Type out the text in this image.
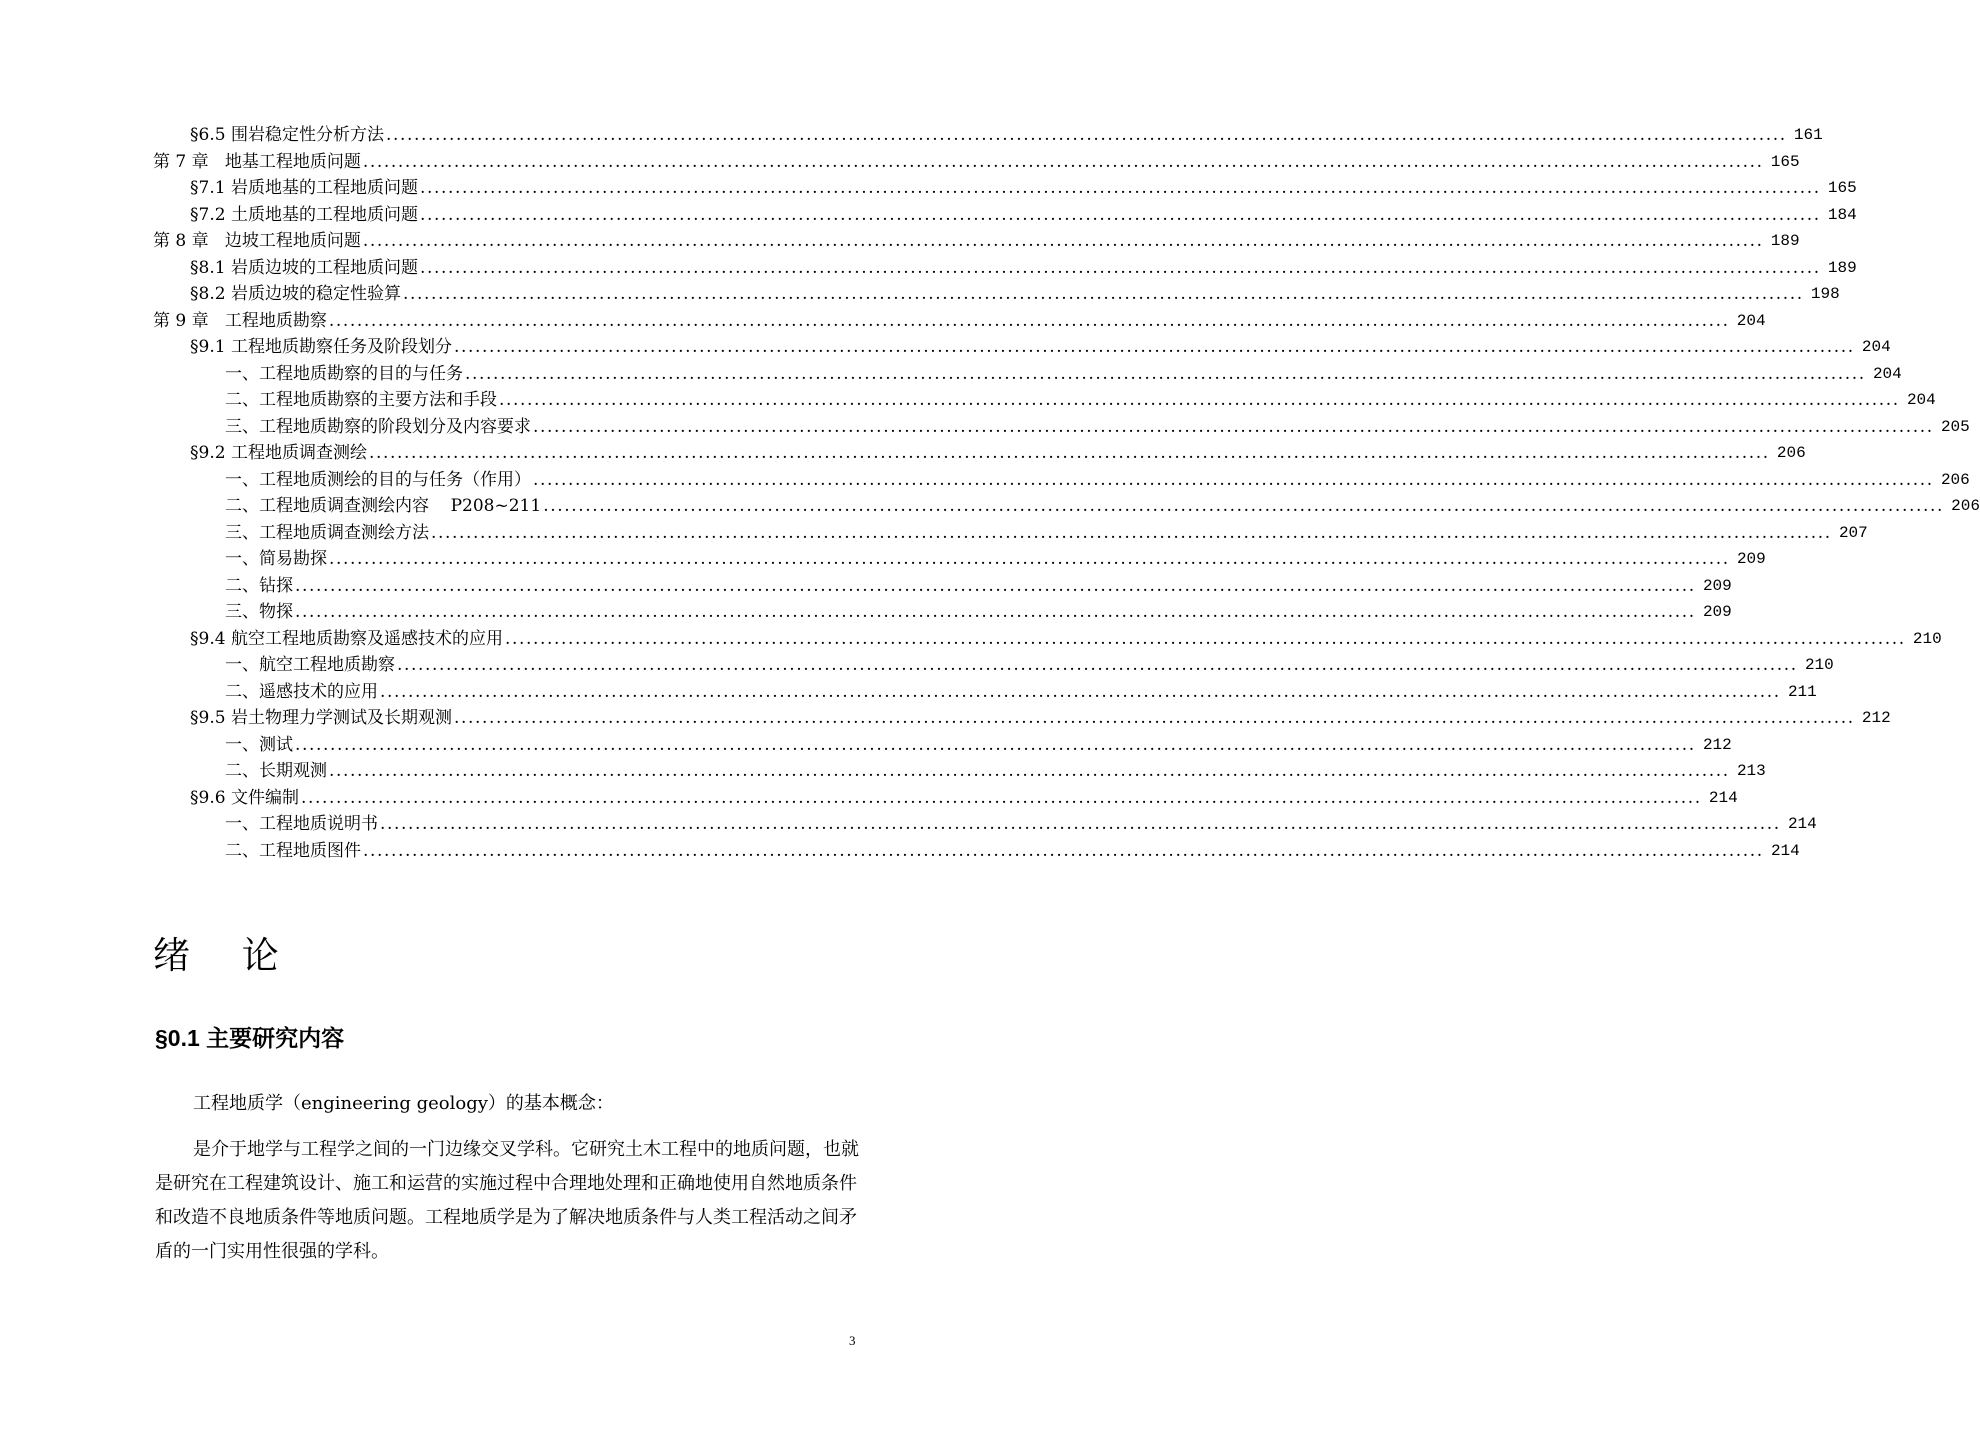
§6.5 围岩稳定性分析方法 ........................................................................................................................................................................................................ 161
第 7 章   地基工程地质问题 ........................................................................................................................................................................................................ 165
§7.1 岩质地基的工程地质问题 ........................................................................................................................................................................................................ 165
§7.2 土质地基的工程地质问题 ........................................................................................................................................................................................................ 184
第 8 章   边坡工程地质问题 ........................................................................................................................................................................................................ 189
§8.1 岩质边坡的工程地质问题 ........................................................................................................................................................................................................ 189
§8.2 岩质边坡的稳定性验算 ........................................................................................................................................................................................................ 198
第 9 章   工程地质勘察 ........................................................................................................................................................................................................ 204
§9.1 工程地质勘察任务及阶段划分 ........................................................................................................................................................................................................ 204
一、工程地质勘察的目的与任务 ........................................................................................................................................................................................................ 204
二、工程地质勘察的主要方法和手段 ........................................................................................................................................................................................................ 204
三、工程地质勘察的阶段划分及内容要求 ........................................................................................................................................................................................................ 205
§9.2 工程地质调查测绘 ........................................................................................................................................................................................................ 206
一、工程地质测绘的目的与任务（作用） ........................................................................................................................................................................................................ 206
二、工程地质调查测绘内容    P208~211 ........................................................................................................................................................................................................ 206
三、工程地质调查测绘方法 ........................................................................................................................................................................................................ 207
一、简易勘探 ........................................................................................................................................................................................................ 209
二、钻探 ........................................................................................................................................................................................................ 209
三、物探 ........................................................................................................................................................................................................ 209
§9.4 航空工程地质勘察及遥感技术的应用 ........................................................................................................................................................................................................ 210
一、航空工程地质勘察 ........................................................................................................................................................................................................ 210
二、遥感技术的应用 ........................................................................................................................................................................................................ 211
§9.5 岩土物理力学测试及长期观测 ........................................................................................................................................................................................................ 212
一、测试 ........................................................................................................................................................................................................ 212
二、长期观测 ........................................................................................................................................................................................................ 213
§9.6 文件编制 ........................................................................................................................................................................................................ 214
一、工程地质说明书 ........................................................................................................................................................................................................ 214
二、工程地质图件 ........................................................................................................................................................................................................ 214
绪 论
§0.1 主要研究内容
工程地质学（engineering geology）的基本概念：
是介于地学与工程学之间的一门边缘交叉学科。它研究土木工程中的地质问题，也就是研究在工程建筑设计、施工和运营的实施过程中合理地处理和正确地使用自然地质条件和改造不良地质条件等地质问题。工程地质学是为了解决地质条件与人类工程活动之间矛盾的一门实用性很强的学科。
3
